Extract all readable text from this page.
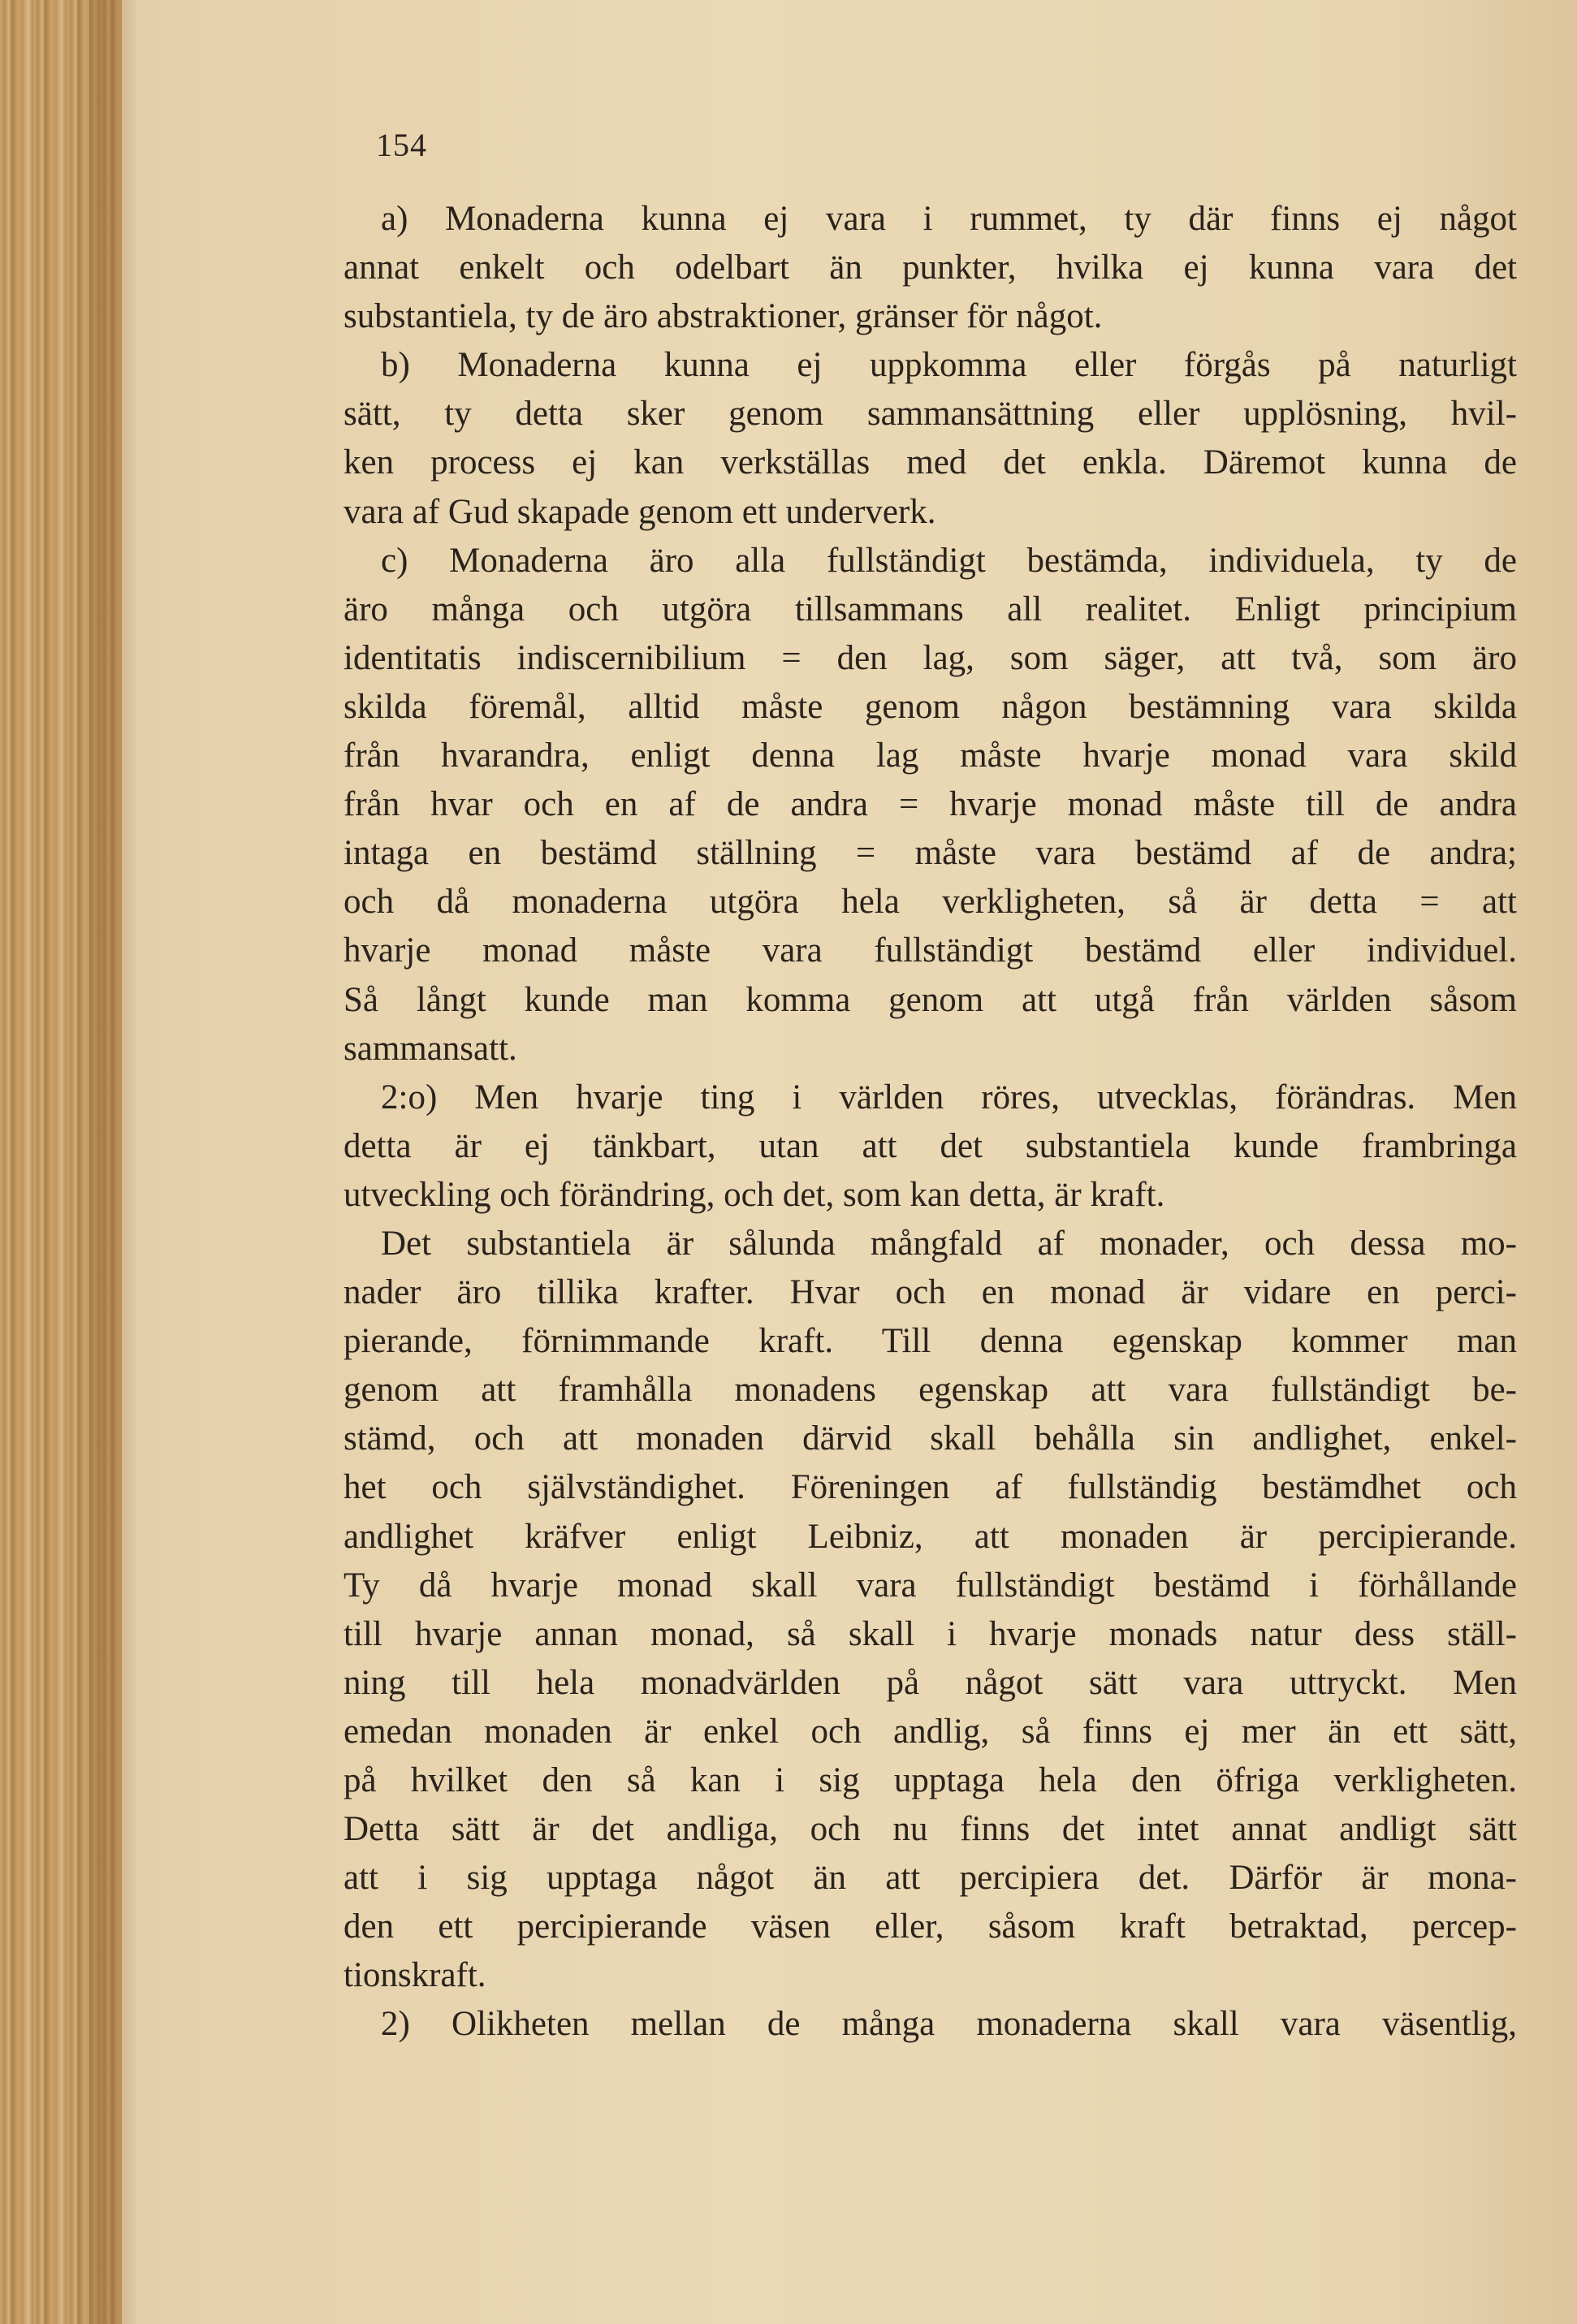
154
a) Monaderna kunna ej vara i rummet, ty där finns ej något
annat enkelt och odelbart än punkter, hvilka ej kunna vara det
substantiela, ty de äro abstraktioner, gränser för något.
b) Monaderna kunna ej uppkomma eller förgås på naturligt
sätt, ty detta sker genom sammansättning eller upplösning, hvil-
ken process ej kan verkställas med det enkla. Däremot kunna de
vara af Gud skapade genom ett underverk.
c) Monaderna äro alla fullständigt bestämda, individuela, ty de
äro många och utgöra tillsammans all realitet. Enligt principium
identitatis indiscernibilium = den lag, som säger, att två, som äro
skilda föremål, alltid måste genom någon bestämning vara skilda
från hvarandra, enligt denna lag måste hvarje monad vara skild
från hvar och en af de andra = hvarje monad måste till de andra
intaga en bestämd ställning = måste vara bestämd af de andra;
och då monaderna utgöra hela verkligheten, så är detta = att
hvarje monad måste vara fullständigt bestämd eller individuel.
Så långt kunde man komma genom att utgå från världen såsom
sammansatt.
2:o) Men hvarje ting i världen röres, utvecklas, förändras. Men
detta är ej tänkbart, utan att det substantiela kunde frambringa
utveckling och förändring, och det, som kan detta, är kraft.
Det substantiela är sålunda mångfald af monader, och dessa mo-
nader äro tillika krafter. Hvar och en monad är vidare en perci-
pierande, förnimmande kraft. Till denna egenskap kommer man
genom att framhålla monadens egenskap att vara fullständigt be-
stämd, och att monaden därvid skall behålla sin andlighet, enkel-
het och självständighet. Föreningen af fullständig bestämdhet och
andlighet kräfver enligt Leibniz, att monaden är percipierande.
Ty då hvarje monad skall vara fullständigt bestämd i förhållande
till hvarje annan monad, så skall i hvarje monads natur dess ställ-
ning till hela monadvärlden på något sätt vara uttryckt. Men
emedan monaden är enkel och andlig, så finns ej mer än ett sätt,
på hvilket den så kan i sig upptaga hela den öfriga verkligheten.
Detta sätt är det andliga, och nu finns det intet annat andligt sätt
att i sig upptaga något än att percipiera det. Därför är mona-
den ett percipierande väsen eller, såsom kraft betraktad, percep-
tionskraft.
2) Olikheten mellan de många monaderna skall vara väsentlig,
